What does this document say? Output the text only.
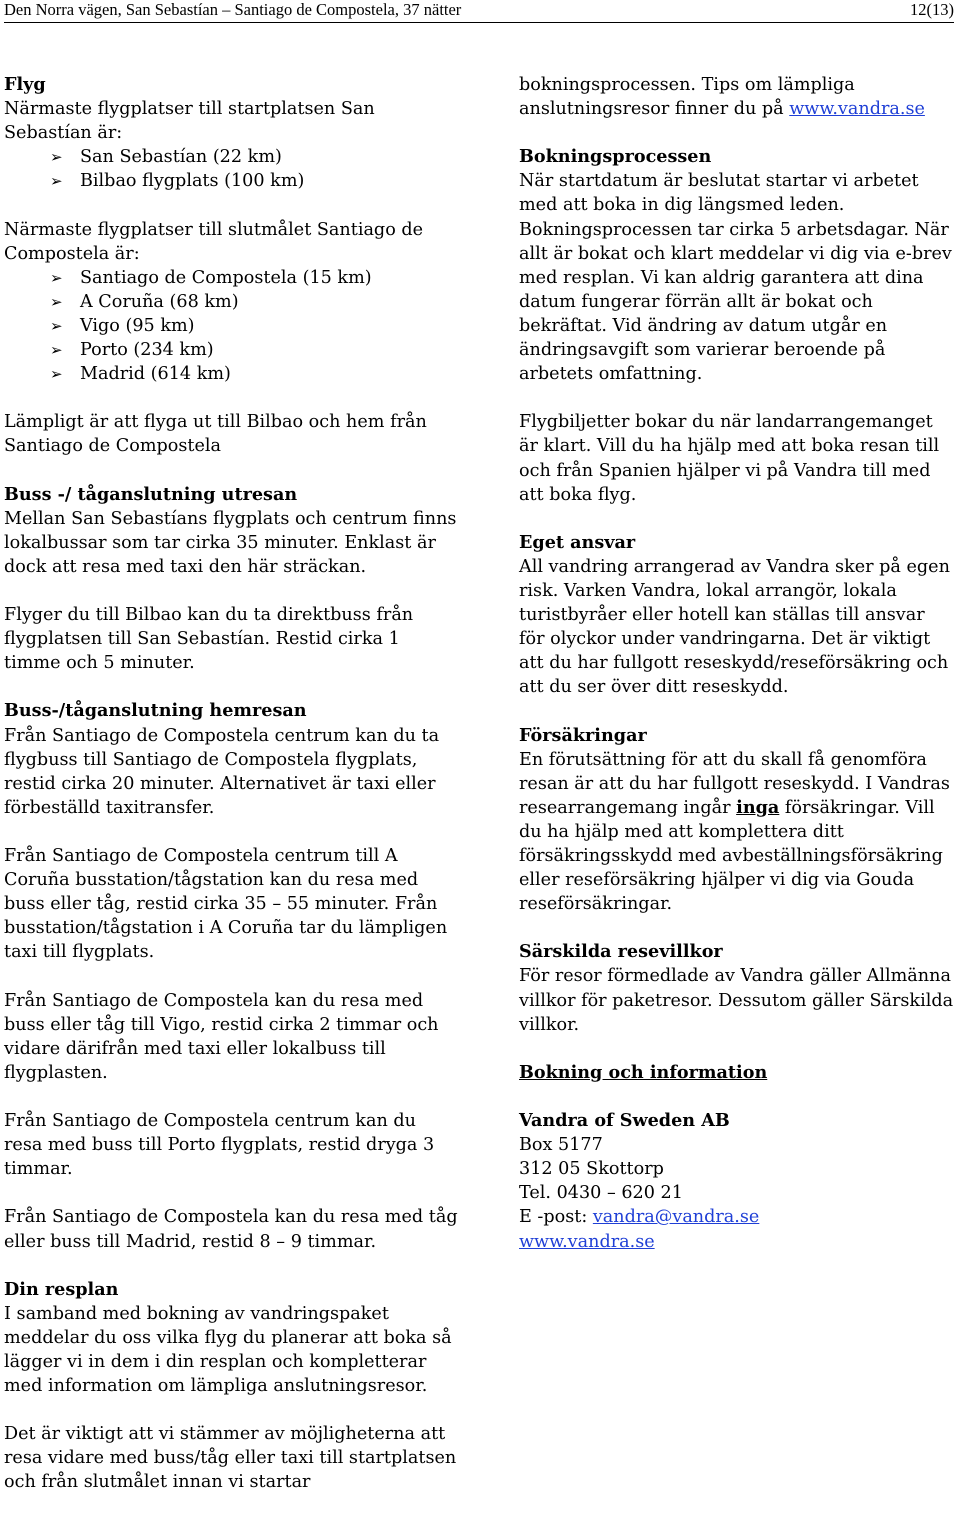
Den Norra vägen, San Sebastían – Santiago de Compostela, 37 nätter	12(13)

Flyg

Närmaste flygplatser till startplatsen San Sebastían är:

➢ San Sebastían (22 km)
➢ Bilbao flygplats (100 km)

Närmaste flygplatser till slutmålet Santiago de Compostela är:

➢ Santiago de Compostela (15 km)
➢ A Coruña (68 km)
➢ Vigo (95 km)
➢ Porto (234 km)
➢ Madrid (614 km)

Lämpligt är att flyga ut till Bilbao och hem från Santiago de Compostela

Buss -/ tåganslutning utresan

Mellan San Sebastíans flygplats och centrum finns lokalbussar som tar cirka 35 minuter. Enklast är dock att resa med taxi den här sträckan.

Flyger du till Bilbao kan du ta direktbuss från flygplatsen till San Sebastían. Restid cirka 1 timme och 5 minuter.

Buss-/tåganslutning hemresan

Från Santiago de Compostela centrum kan du ta flygbuss till Santiago de Compostela flygplats, restid cirka 20 minuter. Alternativet är taxi eller förbeställd taxitransfer.

Från Santiago de Compostela centrum till A Coruña busstation/tågstation kan du resa med buss eller tåg, restid cirka 35 – 55 minuter. Från busstation/tågstation i A Coruña tar du lämpligen taxi till flygplats.

Från Santiago de Compostela kan du resa med buss eller tåg till Vigo, restid cirka 2 timmar och vidare därifrån med taxi eller lokalbuss till flygplasten.

Från Santiago de Compostela centrum kan du resa med buss till Porto flygplats, restid dryga 3 timmar.

Från Santiago de Compostela kan du resa med tåg eller buss till Madrid, restid 8 – 9 timmar.

Din resplan

I samband med bokning av vandringspaket meddelar du oss vilka flyg du planerar att boka så lägger vi in dem i din resplan och kompletterar med information om lämpliga anslutningsresor.

Det är viktigt att vi stämmer av möjligheterna att resa vidare med buss/tåg eller taxi till startplatsen och från slutmålet innan vi startar

bokningsprocessen. Tips om lämpliga anslutningsresor finner du på www.vandra.se

Bokningsprocessen

När startdatum är beslutat startar vi arbetet med att boka in dig längsmed leden. Bokningsprocessen tar cirka 5 arbetsdagar. När allt är bokat och klart meddelar vi dig via e-brev med resplan. Vi kan aldrig garantera att dina datum fungerar förrän allt är bokat och bekräftat. Vid ändring av datum utgår en ändringsavgift som varierar beroende på arbetets omfattning.

Flygbiljetter bokar du när landarrangemanget är klart. Vill du ha hjälp med att boka resan till och från Spanien hjälper vi på Vandra till med att boka flyg.

Eget ansvar

All vandring arrangerad av Vandra sker på egen risk. Varken Vandra, lokal arrangör, lokala turistbyråer eller hotell kan ställas till ansvar för olyckor under vandringarna. Det är viktigt att du har fullgott reseskydd/reseförsäkring och att du ser över ditt reseskydd.

Försäkringar

En förutsättning för att du skall få genomföra resan är att du har fullgott reseskydd. I Vandras researrangemang ingår inga försäkringar. Vill du ha hjälp med att komplettera ditt försäkringsskydd med avbeställningsförsäkring eller reseförsäkring hjälper vi dig via Gouda reseförsäkringar.

Särskilda resevillkor

För resor förmedlade av Vandra gäller Allmänna villkor för paketresor. Dessutom gäller Särskilda villkor.

Bokning och information

Vandra of Sweden AB

Box 5177

312 05 Skottorp

Tel. 0430 – 620 21

E -post: vandra@vandra.se

www.vandra.se
